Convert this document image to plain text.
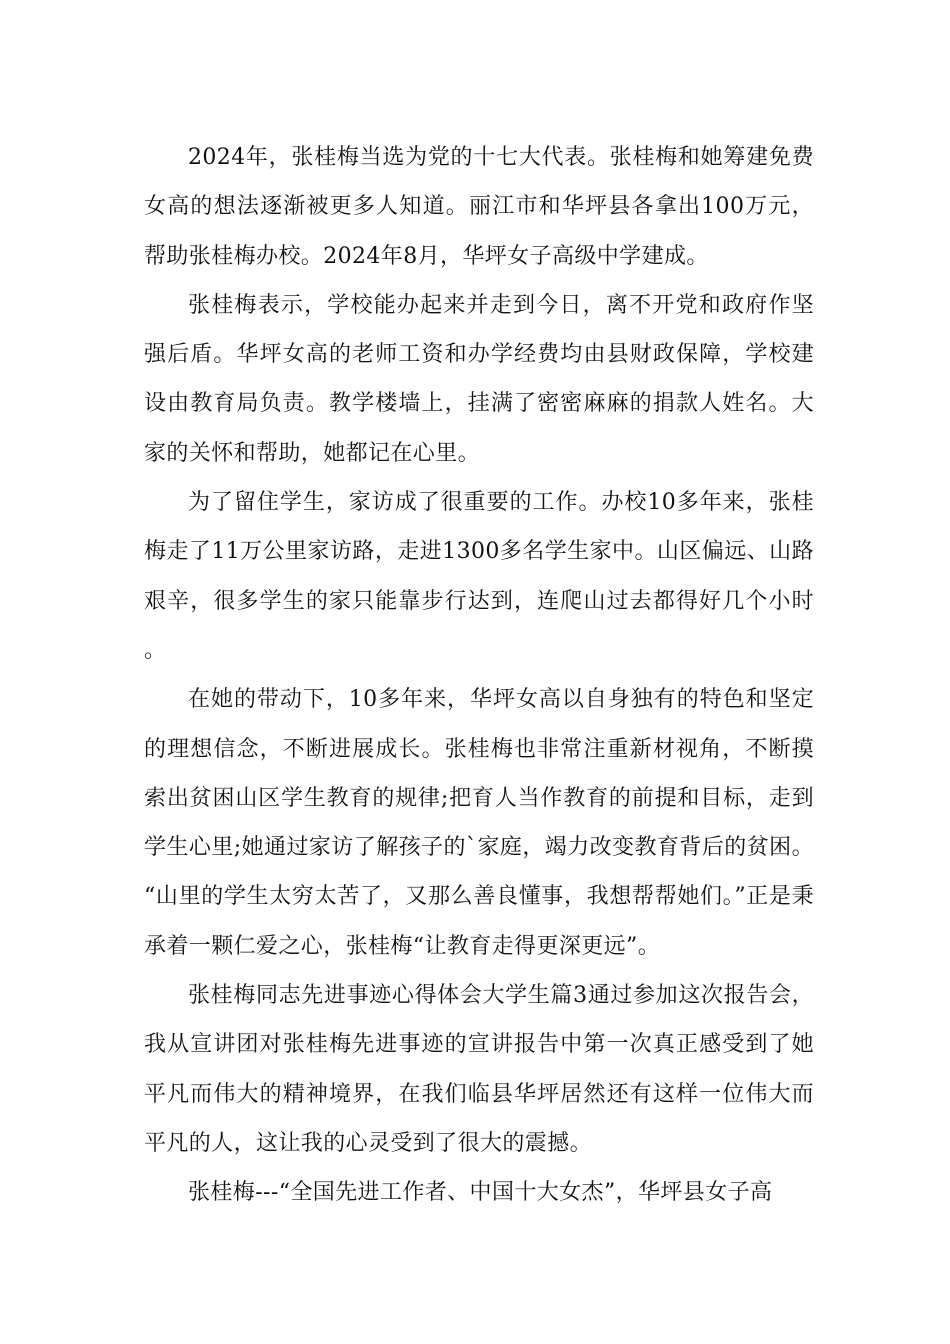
2024年，张桂梅当选为党的十七大代表。张桂梅和她筹建免费女高的想法逐渐被更多人知道。丽江市和华坪县各拿出100万元，帮助张桂梅办校。2024年8月，华坪女子高级中学建成。

张桂梅表示，学校能办起来并走到今日，离不开党和政府作坚强后盾。华坪女高的老师工资和办学经费均由县财政保障，学校建设由教育局负责。教学楼墙上，挂满了密密麻麻的捐款人姓名。大家的关怀和帮助，她都记在心里。

为了留住学生，家访成了很重要的工作。办校10多年来，张桂梅走了11万公里家访路，走进1300多名学生家中。山区偏远、山路艰辛，很多学生的家只能靠步行达到，连爬山过去都得好几个小时。

在她的带动下，10多年来，华坪女高以自身独有的特色和坚定的理想信念，不断进展成长。张桂梅也非常注重新材视角，不断摸索出贫困山区学生教育的规律;把育人当作教育的前提和目标，走到学生心里;她通过家访了解孩子的`家庭，竭力改变教育背后的贫困。“山里的学生太穷太苦了，又那么善良懂事，我想帮帮她们。”正是秉承着一颗仁爱之心，张桂梅“让教育走得更深更远”。

张桂梅同志先进事迹心得体会大学生篇3通过参加这次报告会，我从宣讲团对张桂梅先进事迹的宣讲报告中第一次真正感受到了她平凡而伟大的精神境界，在我们临县华坪居然还有这样一位伟大而平凡的人，这让我的心灵受到了很大的震撼。

张桂梅---“全国先进工作者、中国十大女杰”，华坪县女子高
